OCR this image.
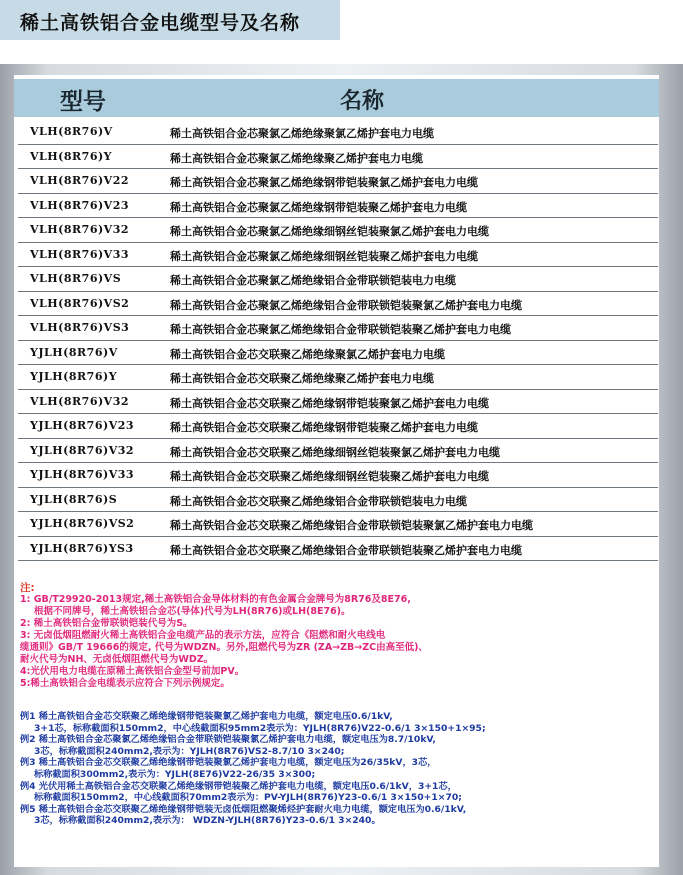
稀土高铁铝合金电缆型号及名称
型号	名称
VLH(8R76)V	稀土高铁铝合金芯聚氯乙烯绝缘聚氯乙烯护套电力电缆
VLH(8R76)Y	稀土高铁铝合金芯聚氯乙烯绝缘聚乙烯护套电力电缆
VLH(8R76)V22	稀土高铁铝合金芯聚氯乙烯绝缘钢带铠装聚氯乙烯护套电力电缆
VLH(8R76)V23	稀土高铁铝合金芯聚氯乙烯绝缘钢带铠装聚乙烯护套电力电缆
VLH(8R76)V32	稀土高铁铝合金芯聚氯乙烯绝缘细钢丝铠装聚氯乙烯护套电力电缆
VLH(8R76)V33	稀土高铁铝合金芯聚氯乙烯绝缘细钢丝铠装聚乙烯护套电力电缆
VLH(8R76)VS	稀土高铁铝合金芯聚氯乙烯绝缘铝合金带联锁铠装电力电缆
VLH(8R76)VS2	稀土高铁铝合金芯聚氯乙烯绝缘铝合金带联锁铠装聚氯乙烯护套电力电缆
VLH(8R76)VS3	稀土高铁铝合金芯聚氯乙烯绝缘铝合金带联锁铠装聚乙烯护套电力电缆
YJLH(8R76)V	稀土高铁铝合金芯交联聚乙烯绝缘聚氯乙烯护套电力电缆
YJLH(8R76)Y	稀土高铁铝合金芯交联聚乙烯绝缘聚乙烯护套电力电缆
VLH(8R76)V32	稀土高铁铝合金芯交联聚乙烯绝缘钢带铠装聚氯乙烯护套电力电缆
YJLH(8R76)V23	稀土高铁铝合金芯交联聚乙烯绝缘钢带铠装聚乙烯护套电力电缆
YJLH(8R76)V32	稀土高铁铝合金芯交联聚乙烯绝缘细钢丝铠装聚氯乙烯护套电力电缆
YJLH(8R76)V33	稀土高铁铝合金芯交联聚乙烯绝缘细钢丝铠装聚乙烯护套电力电缆
YJLH(8R76)S	稀土高铁铝合金芯交联聚乙烯绝缘铝合金带联锁铠装电力电缆
YJLH(8R76)VS2	稀土高铁铝合金芯交联聚乙烯绝缘铝合金带联锁铠装聚氯乙烯护套电力电缆
YJLH(8R76)YS3	稀土高铁铝合金芯交联聚乙烯绝缘铝合金带联锁铠装聚乙烯护套电力电缆

注:

1: GB/T29920-2013规定,稀土高铁铝合金导体材料的有色金属合金牌号为8R76及8E76,

根据不同牌号，稀土高铁铝合金芯(导体)代号为LH(8R76)或LH(8E76)。

2: 稀土高铁铝合金带联锁铠装代号为S。

3: 无卤低烟阻燃耐火稀土高铁铝合金电缆产品的表示方法，应符合《阻燃和耐火电线电

缆通则》GB/T 19666的规定, 代号为WDZN。另外,阻燃代号为ZR (ZA→ZB→ZC由高至低)、

耐火代号为NH、无卤低烟阻燃代号为WDZ。

4:光伏用电力电缆在原稀土高铁铝合金型号前加PV。

5:稀土高铁铝合金电缆表示应符合下列示例规定。

例1 稀土高铁铝合金芯交联聚乙烯绝缘钢带铠装聚氯乙烯护套电力电缆，额定电压0.6/1kV,

3+1芯，标称截面积150mm2，中心线截面积95mm2表示为：YJLH(8R76)V22-0.6/1 3×150+1×95;

例2 稀土高铁铝合金芯聚氯乙烯绝缘铝合金带联锁铠装聚氯乙烯护套电力电缆，额定电压为8.7/10kV,

3芯，标称截面积240mm2,表示为：YJLH(8R76)VS2-8.7/10 3×240;

例3 稀土高铁铝合金芯交联聚乙烯绝缘钢带铠装聚氯乙烯护套电力电缆，额定电压为26/35kV，3芯，

标称截面积300mm2,表示为：YJLH(8E76)V22-26/35 3×300;

例4 光伏用稀土高铁铝合金芯交联聚乙烯绝缘钢带铠装聚乙烯护套电力电缆，额定电压0.6/1kV，3+1芯，

标称截面积150mm2，中心线截面积70mm2表示为：PV-YJLH(8R76)Y23-0.6/1 3×150+1×70;

例5 稀土高铁铝合金芯交联聚乙烯绝缘钢带铠装无卤低烟阻燃聚烯烃护套耐火电力电缆，额定电压为0.6/1kV,

3芯，标称截面积240mm2,表示为： WDZN-YJLH(8R76)Y23-0.6/1 3×240。
